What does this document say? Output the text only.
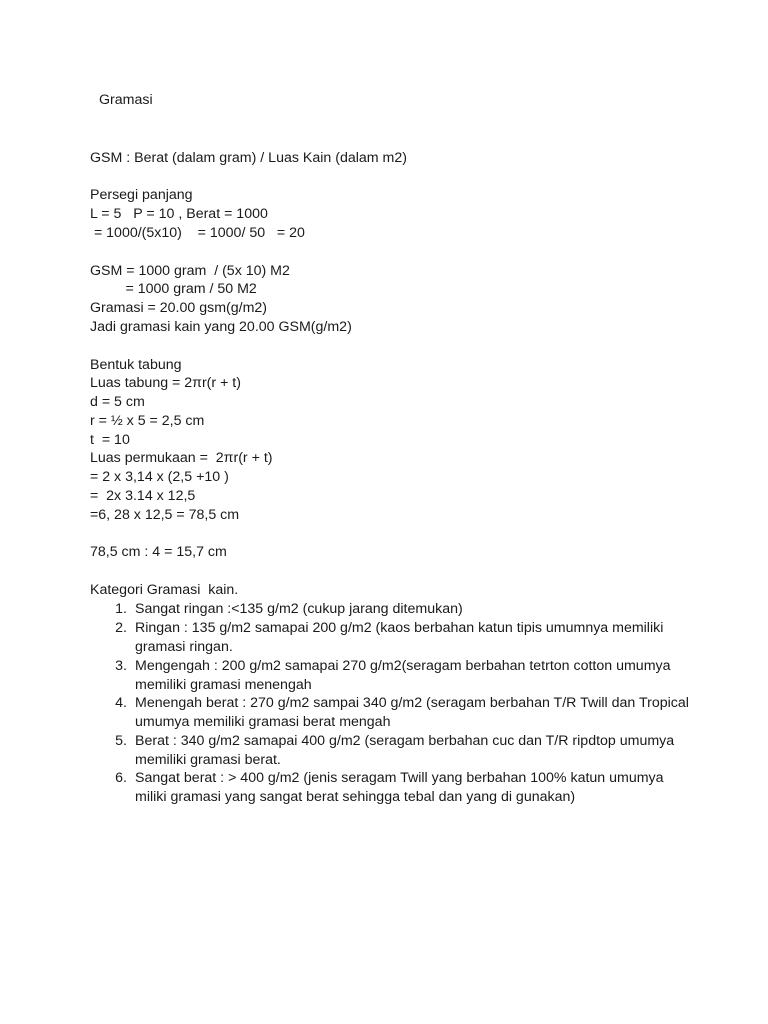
Gramasi
GSM : Berat (dalam gram) / Luas Kain (dalam m2)
Persegi panjang
L = 5   P = 10 , Berat = 1000
= 1000/(5x10)    = 1000/ 50   = 20
GSM = 1000 gram  / (5x 10) M2
= 1000 gram / 50 M2
Gramasi = 20.00 gsm(g/m2)
Jadi gramasi kain yang 20.00 GSM(g/m2)
Bentuk tabung
Luas tabung = 2πr(r + t)
d = 5 cm
r = ½ x 5 = 2,5 cm
t  = 10
Luas permukaan =  2πr(r + t)
= 2 x 3,14 x (2,5 +10 )
=  2x 3.14 x 12,5
=6, 28 x 12,5 = 78,5 cm
78,5 cm : 4 = 15,7 cm
Kategori Gramasi  kain.
1. Sangat ringan :<135 g/m2 (cukup jarang ditemukan)
2. Ringan : 135 g/m2 samapai 200 g/m2 (kaos berbahan katun tipis umumnya memiliki
gramasi ringan.
3. Mengengah : 200 g/m2 samapai 270 g/m2(seragam berbahan tetrton cotton umumya
memiliki gramasi menengah
4. Menengah berat : 270 g/m2 sampai 340 g/m2 (seragam berbahan T/R Twill dan Tropical
umumya memiliki gramasi berat mengah
5. Berat : 340 g/m2 samapai 400 g/m2 (seragam berbahan cuc dan T/R ripdtop umumya
memiliki gramasi berat.
6. Sangat berat : > 400 g/m2 (jenis seragam Twill yang berbahan 100% katun umumya
miliki gramasi yang sangat berat sehingga tebal dan yang di gunakan)
